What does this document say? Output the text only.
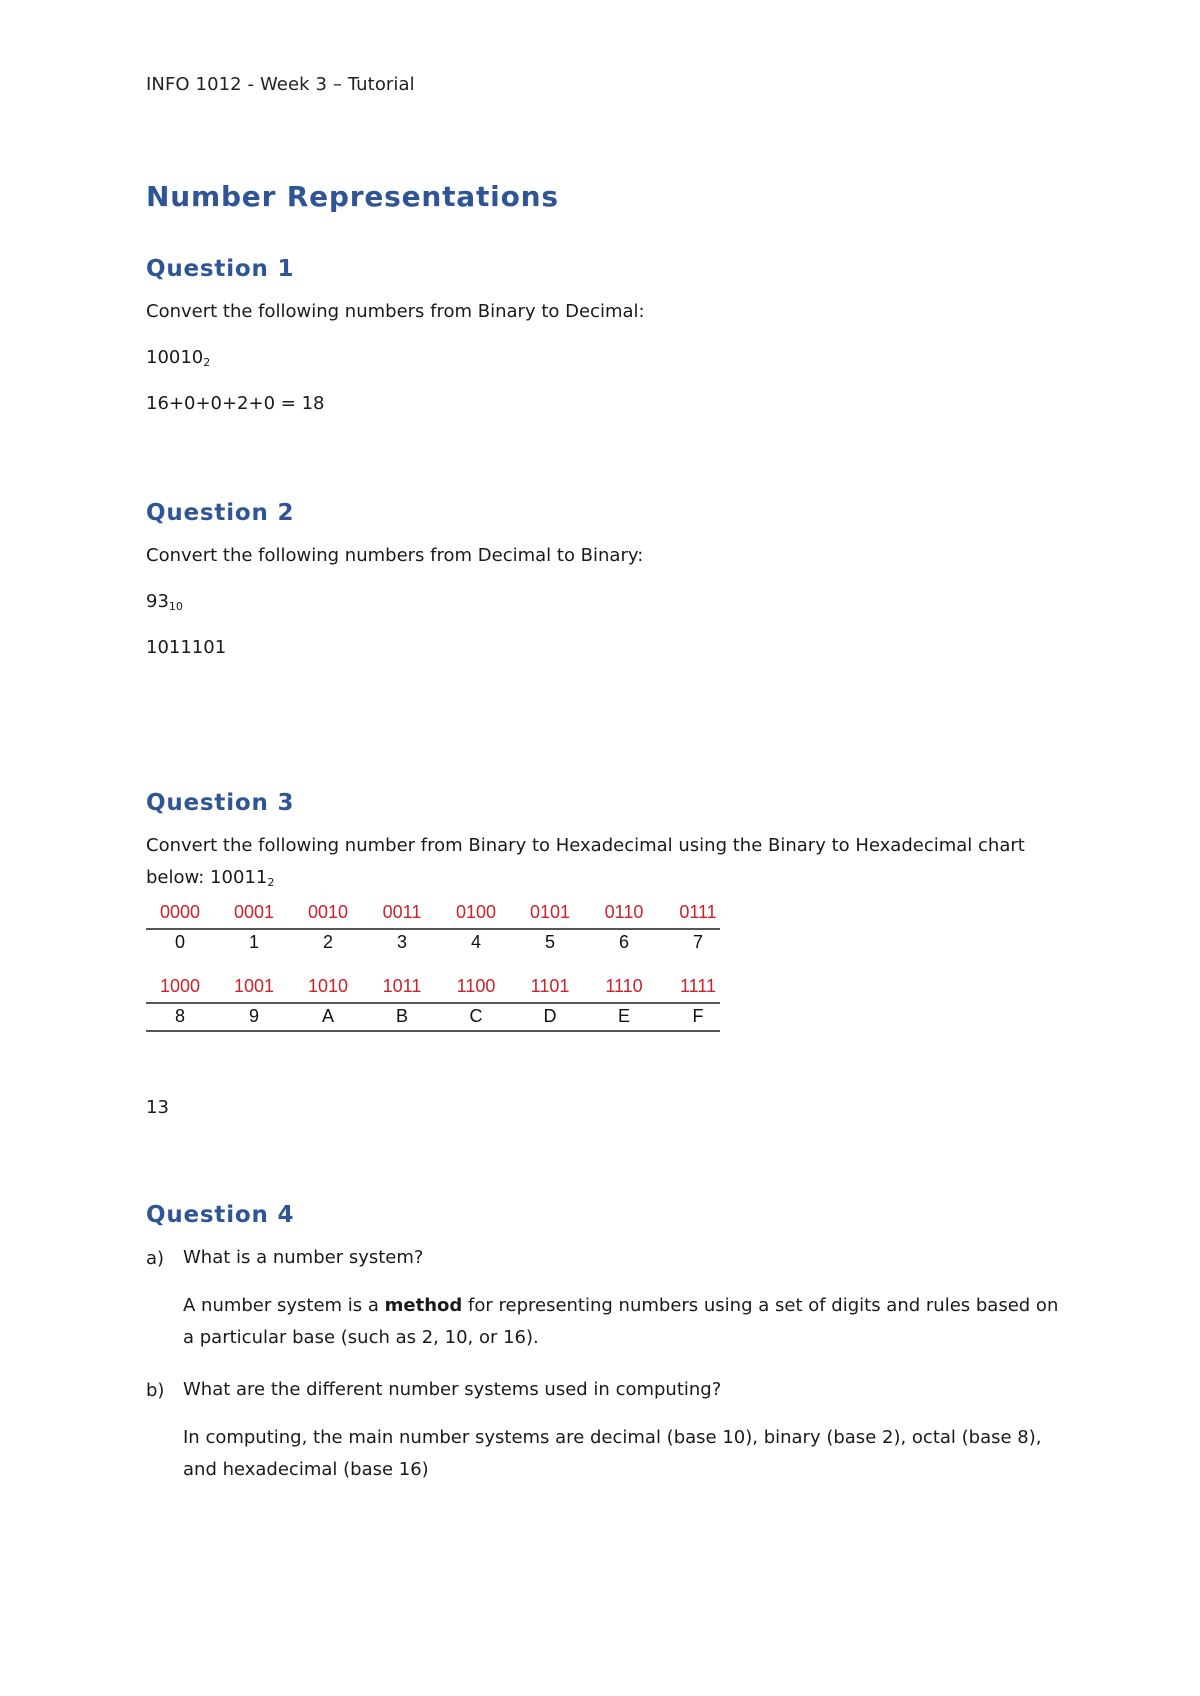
INFO 1012 - Week 3 – Tutorial
Number Representations
Question 1
Convert the following numbers from Binary to Decimal:
$10010_2$
16+0+0+2+0 = 18
Question 2
Convert the following numbers from Decimal to Binary:
$93_{10}$
1011101
Question 3
Convert the following number from Binary to Hexadecimal using the Binary to Hexadecimal chart
below: $10011_2$
0000	0001	0010	0011	0100	0101	0110	0111
0	1	2	3	4	5	6	7
1000	1001	1010	1011	1100	1101	1110	1111
8	9	A	B	C	D	E	F
13
Question 4
a) What is a number system?
A number system is a method for representing numbers using a set of digits and rules based on
a particular base (such as 2, 10, or 16).
b) What are the different number systems used in computing?
In computing, the main number systems are decimal (base 10), binary (base 2), octal (base 8),
and hexadecimal (base 16)
